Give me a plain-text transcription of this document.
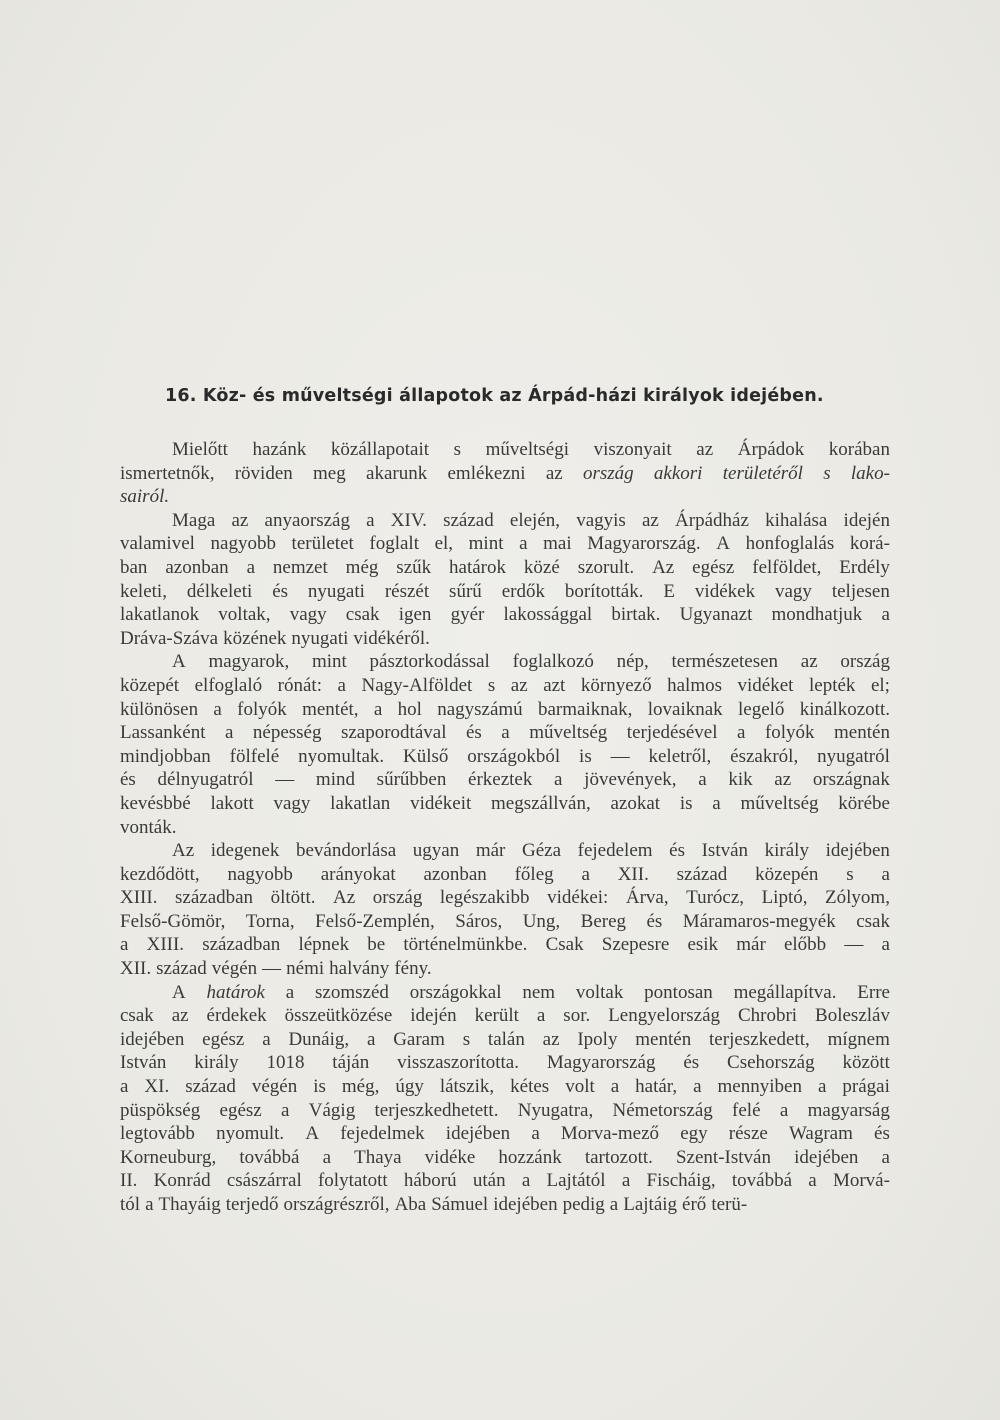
16. Köz- és műveltségi állapotok az Árpád-házi királyok idejében.

Mielőtt hazánk közállapotait s műveltségi viszonyait az Árpádok korában
ismertetnők, röviden meg akarunk emlékezni az ország akkori területéről s lako-
sairól.

Maga az anyaország a XIV. század elején, vagyis az Árpádház kihalása idején
valamivel nagyobb területet foglalt el, mint a mai Magyarország. A honfoglalás korá-
ban azonban a nemzet még szűk határok közé szorult. Az egész felföldet, Erdély
keleti, délkeleti és nyugati részét sűrű erdők borították. E vidékek vagy teljesen
lakatlanok voltak, vagy csak igen gyér lakossággal birtak. Ugyanazt mondhatjuk a
Dráva-Száva közének nyugati vidékéről.

A magyarok, mint pásztorkodással foglalkozó nép, természetesen az ország
közepét elfoglaló rónát: a Nagy-Alföldet s az azt környező halmos vidéket lepték el;
különösen a folyók mentét, a hol nagyszámú barmaiknak, lovaiknak legelő kinálkozott.
Lassanként a népesség szaporodtával és a műveltség terjedésével a folyók mentén
mindjobban fölfelé nyomultak. Külső országokból is — keletről, északról, nyugatról
és délnyugatról — mind sűrűbben érkeztek a jövevények, a kik az országnak
kevésbbé lakott vagy lakatlan vidékeit megszállván, azokat is a műveltség körébe
vonták.

Az idegenek bevándorlása ugyan már Géza fejedelem és István király idejében
kezdődött, nagyobb arányokat azonban főleg a XII. század közepén s a
XIII. században öltött. Az ország legészakibb vidékei: Árva, Turócz, Liptó, Zólyom,
Felső-Gömör, Torna, Felső-Zemplén, Sáros, Ung, Bereg és Máramaros-megyék csak
a XIII. században lépnek be történelmünkbe. Csak Szepesre esik már előbb — a
XII. század végén — némi halvány fény.

A határok a szomszéd országokkal nem voltak pontosan megállapítva. Erre
csak az érdekek összeütközése idején került a sor. Lengyelország Chrobri Boleszláv
idejében egész a Dunáig, a Garam s talán az Ipoly mentén terjeszkedett, mígnem
István király 1018 táján visszaszorította. Magyarország és Csehország között
a XI. század végén is még, úgy látszik, kétes volt a határ, a mennyiben a prágai
püspökség egész a Vágig terjeszkedhetett. Nyugatra, Németország felé a magyarság
legtovább nyomult. A fejedelmek idejében a Morva-mező egy része Wagram és
Korneuburg, továbbá a Thaya vidéke hozzánk tartozott. Szent-István idejében a
II. Konrád császárral folytatott háború után a Lajtától a Fischáig, továbbá a Morvá-
tól a Thayáig terjedő országrészről, Aba Sámuel idejében pedig a Lajtáig érő terü-
